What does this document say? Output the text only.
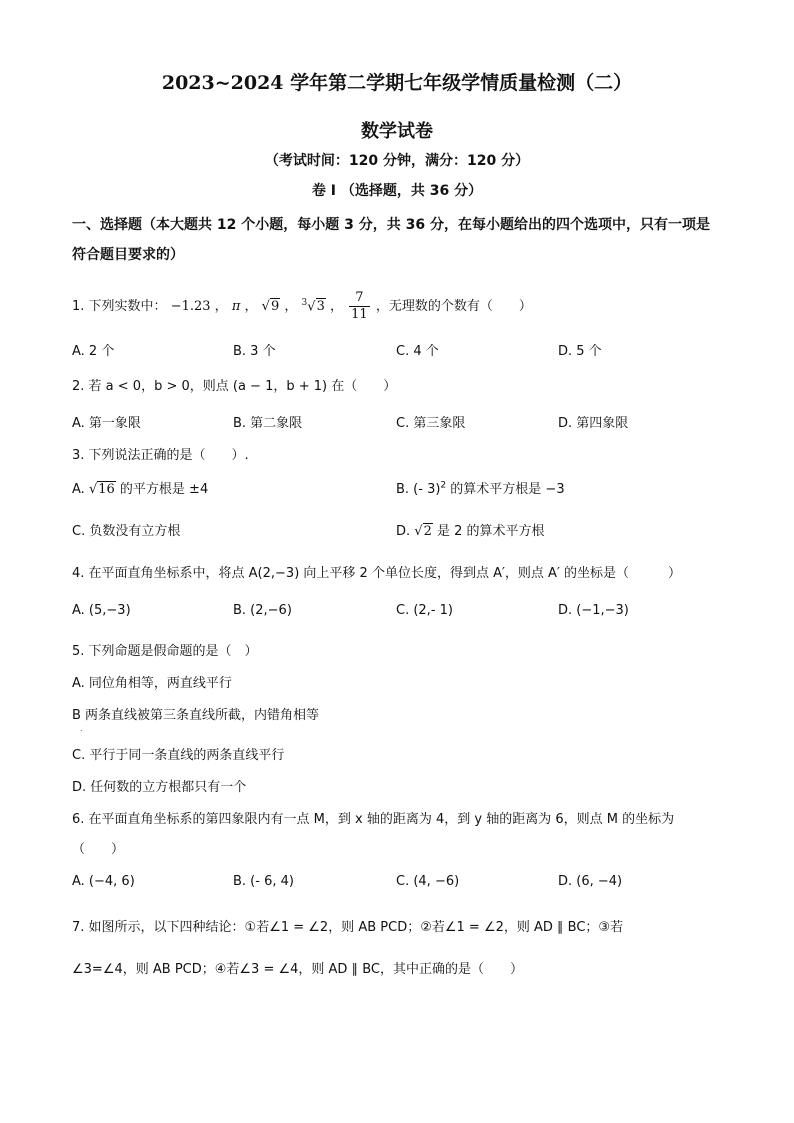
2023~2024 学年第二学期七年级学情质量检测（二）
数学试卷
（考试时间：120 分钟，满分：120 分）
卷 I （选择题，共 36 分）
一、选择题（本大题共 12 个小题，每小题 3 分，共 36 分，在每小题给出的四个选项中，只有一项是符合题目要求的）
1. 下列实数中： −1.23 ， π ， √9 ， $^3$√3 ， $\frac{7}{11}$ ，无理数的个数有（　　）
A. 2 个	B. 3 个	C. 4 个	D. 5 个
2. 若 a < 0，b > 0，则点 (a − 1，b + 1) 在（　　）
A. 第一象限	B. 第二象限	C. 第三象限	D. 第四象限
3. 下列说法正确的是（　　）.
A. √16 的平方根是 ±4	B. (- 3)$^2$ 的算术平方根是 −3
C. 负数没有立方根	D. √2 是 2 的算术平方根
4. 在平面直角坐标系中，将点 A(2,−3) 向上平移 2 个单位长度，得到点 A′，则点 A′ 的坐标是（　　　）
A. (5,−3)	B. (2,−6)	C. (2,- 1)	D. (−1,−3)
5. 下列命题是假命题的是（　）
A. 同位角相等，两直线平行
B 两条直线被第三条直线所截，内错角相等
.
C. 平行于同一条直线的两条直线平行
D. 任何数的立方根都只有一个
6. 在平面直角坐标系的第四象限内有一点 M，到 x 轴的距离为 4，到 y 轴的距离为 6，则点 M 的坐标为
（　　）
A. (−4, 6)	B. (- 6, 4)	C. (4, −6)	D. (6, −4)
7. 如图所示，以下四种结论：①若∠1 = ∠2，则 AB PCD；②若∠1 = ∠2，则 AD ∥ BC；③若
∠3=∠4，则 AB PCD；④若∠3 = ∠4，则 AD ∥ BC，其中正确的是（　　）
